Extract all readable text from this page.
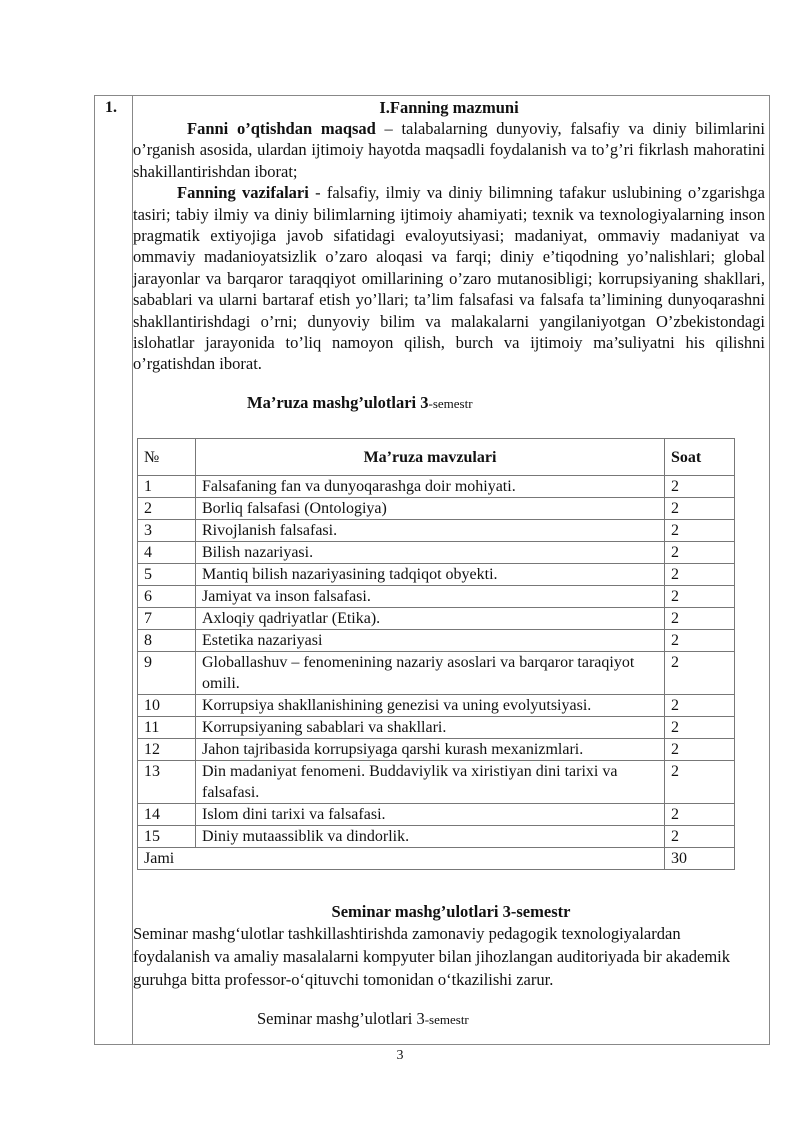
1.	I.Fanning mazmuni

Fanni o’qtishdan maqsad – talabalarning dunyoviy, falsafiy va diniy bilimlarini o’rganish asosida, ulardan ijtimoiy hayotda maqsadli foydalanish va to’g’ri fikrlash mahoratini shakillantirishdan iborat;

Fanning vazifalari - falsafiy, ilmiy va diniy bilimning tafakur uslubining o’zgarishga tasiri; tabiy ilmiy va diniy bilimlarning ijtimoiy ahamiyati; texnik va texnologiyalarning inson pragmatik extiyojiga javob sifatidagi evaloyutsiyasi; madaniyat, ommaviy madaniyat va ommaviy madanioyatsizlik o’zaro aloqasi va farqi; diniy e’tiqodning yo’nalishlari; global jarayonlar va barqaror taraqqiyot omillarining o’zaro mutanosibligi; korrupsiyaning shakllari, sabablari va ularni bartaraf etish yo’llari; ta’lim falsafasi va falsafa ta’limining dunyoqarashni shakllantirishdagi o’rni; dunyoviy bilim va malakalarni yangilaniyotgan O’zbekistondagi islohatlar jarayonida to’liq namoyon qilish, burch va ijtimoiy ma’suliyatni his qilishni o’rgatishdan iborat.

Ma’ruza mashg’ulotlari 3-semestr
№	Ma’ruza mavzulari	Soat
1	Falsafaning fan va dunyoqarashga doir mohiyati.	2
2	Borliq falsafasi (Ontologiya)	2
3	Rivojlanish falsafasi.	2
4	Bilish nazariyasi.	2
5	Mantiq bilish nazariyasining tadqiqot obyekti.	2
6	Jamiyat va inson falsafasi.	2
7	Axloqiy qadriyatlar (Etika).	2
8	Estetika nazariyasi	2
9	Globallashuv – fenomenining nazariy asoslari va barqaror taraqiyot omili.	2
10	Korrupsiya shakllanishining genezisi va uning evolyutsiyasi.	2
11	Korrupsiyaning sabablari va shakllari.	2
12	Jahon tajribasida korrupsiyaga qarshi kurash mexanizmlari.	2
13	Din madaniyat fenomeni. Buddaviylik va xiristiyan dini tarixi va falsafasi.	2
14	Islom dini tarixi va falsafasi.	2
15	Diniy mutaassiblik va dindorlik.	2
Jami		30
Seminar mashg’ulotlari 3-semestr

Seminar mashg‘ulotlar tashkillashtirishda zamonaviy pedagogik texnologiyalardan foydalanish va amaliy masalalarni kompyuter bilan jihozlangan auditoriyada bir akademik guruhga bitta professor-o‘qituvchi tomonidan o‘tkazilishi zarur.

Seminar mashg’ulotlari 3-semestr
3
